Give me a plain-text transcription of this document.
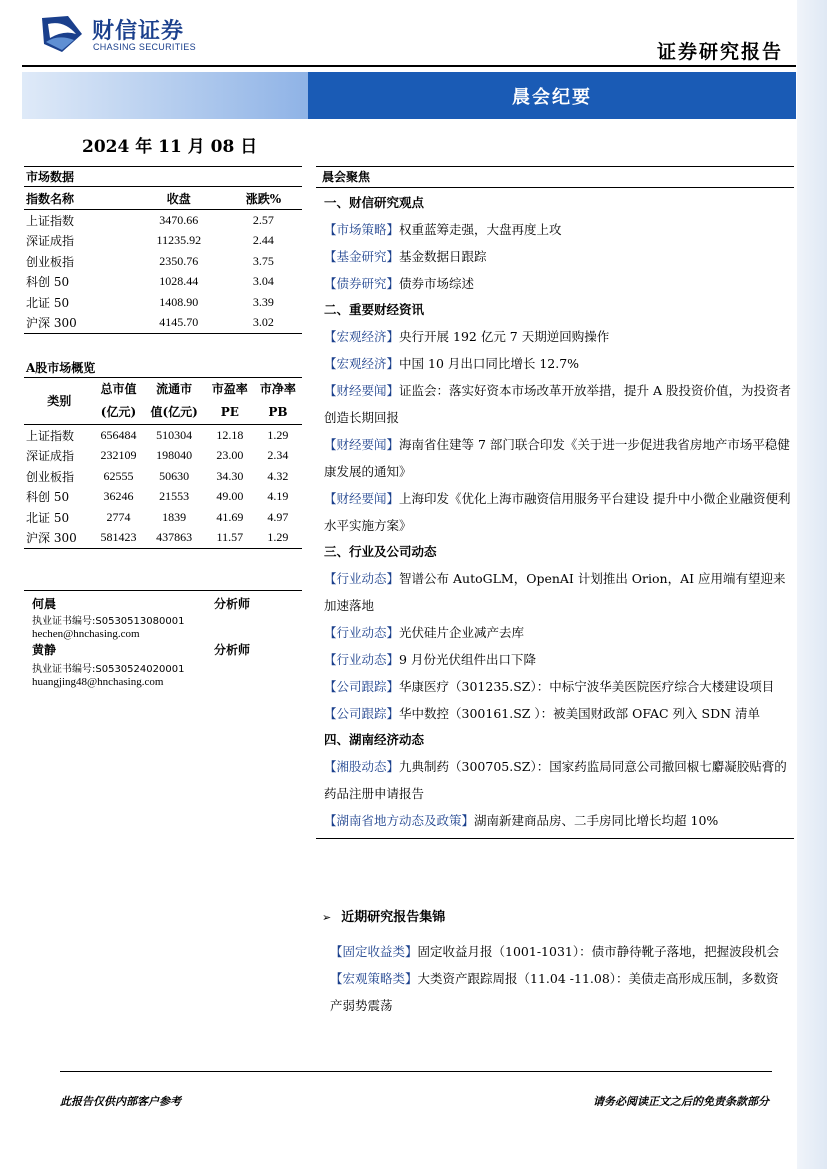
财信证券
CHASING SECURITIES	证券研究报告
晨会纪要
2024 年 11 月 08 日
市场数据
指数名称	收盘	涨跌%
上证指数	3470.66	2.57
深证成指	11235.92	2.44
创业板指	2350.76	3.75
科创 50	1028.44	3.04
北证 50	1408.90	3.39
沪深 300	4145.70	3.02
A股市场概览
类别	总市值	流通市	市盈率	市净率
	(亿元)	值(亿元)	PE	PB
上证指数	656484	510304	12.18	1.29
深证成指	232109	198040	23.00	2.34
创业板指	62555	50630	34.30	4.32
科创 50	36246	21553	49.00	4.19
北证 50	2774	1839	41.69	4.97
沪深 300	581423	437863	11.57	1.29
何晨	分析师
执业证书编号:S0530513080001
hechen@hnchasing.com
黄静	分析师
执业证书编号:S0530524020001
huangjing48@hnchasing.com
晨会聚焦
一、财信研究观点
【市场策略】权重蓝筹走强，大盘再度上攻
【基金研究】基金数据日跟踪
【债券研究】债券市场综述
二、重要财经资讯
【宏观经济】央行开展 192 亿元 7 天期逆回购操作
【宏观经济】中国 10 月出口同比增长 12.7%
【财经要闻】证监会：落实好资本市场改革开放举措，提升 A 股投资价值，为投资者创造长期回报
【财经要闻】海南省住建等 7 部门联合印发《关于进一步促进我省房地产市场平稳健康发展的通知》
【财经要闻】上海印发《优化上海市融资信用服务平台建设 提升中小微企业融资便利水平实施方案》
三、行业及公司动态
【行业动态】智谱公布 AutoGLM，OpenAI 计划推出 Orion，AI 应用端有望迎来加速落地
【行业动态】光伏硅片企业减产去库
【行业动态】9 月份光伏组件出口下降
【公司跟踪】华康医疗（301235.SZ）：中标宁波华美医院医疗综合大楼建设项目
【公司跟踪】华中数控（300161.SZ ）：被美国财政部 OFAC 列入 SDN 清单
四、湖南经济动态
【湘股动态】九典制药（300705.SZ）：国家药监局同意公司撤回椒七麝凝胶贴膏的药品注册申请报告
【湖南省地方动态及政策】湖南新建商品房、二手房同比增长均超 10%
➢ 近期研究报告集锦
【固定收益类】固定收益月报（1001-1031）：债市静待靴子落地，把握波段机会
【宏观策略类】大类资产跟踪周报（11.04 -11.08）：美债走高形成压制，多数资产弱势震荡
此报告仅供内部客户参考	请务必阅读正文之后的免责条款部分
